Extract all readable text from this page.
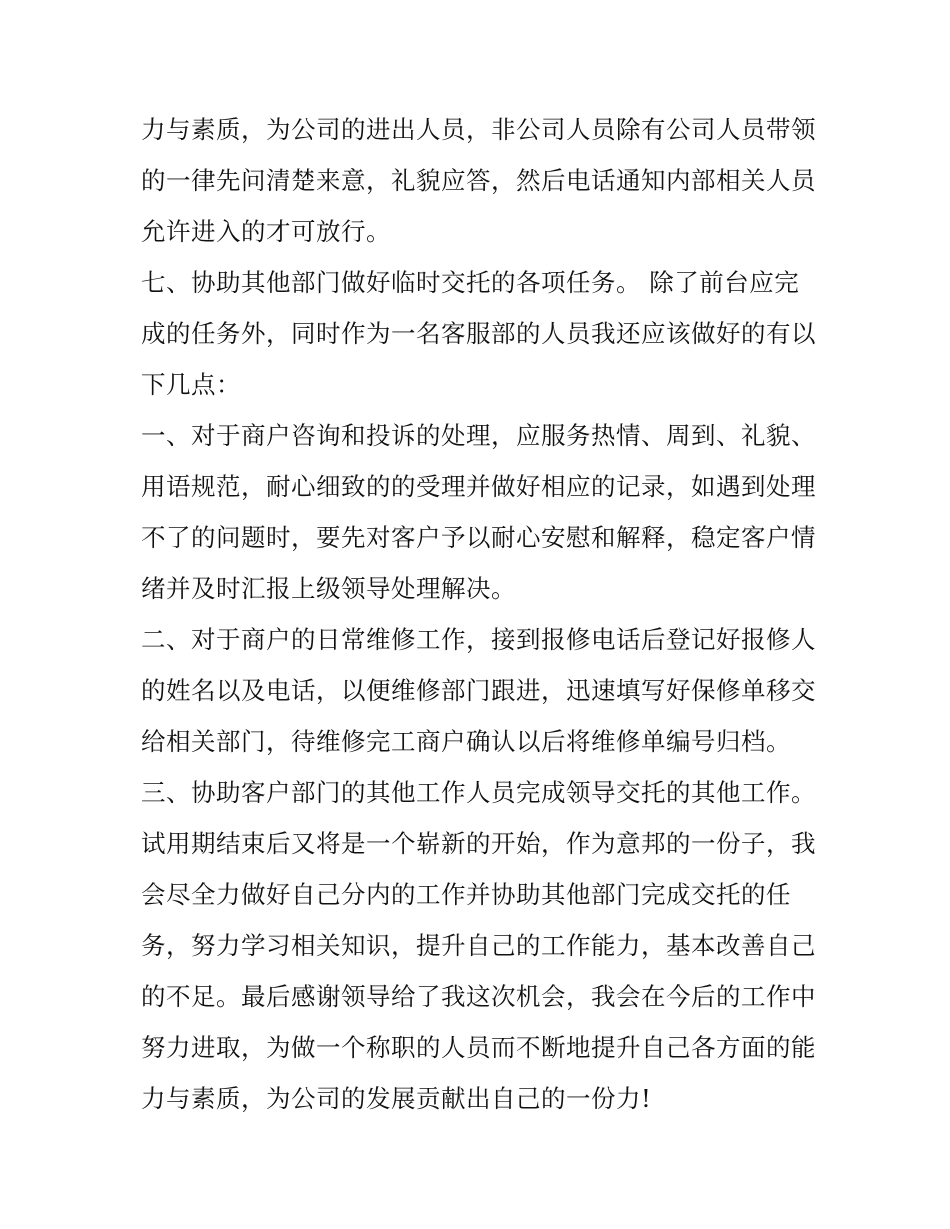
力与素质，为公司的进出人员，非公司人员除有公司人员带领
的一律先问清楚来意，礼貌应答，然后电话通知内部相关人员
允许进入的才可放行。
七、协助其他部门做好临时交托的各项任务。 除了前台应完
成的任务外，同时作为一名客服部的人员我还应该做好的有以
下几点：
一、对于商户咨询和投诉的处理，应服务热情、周到、礼貌、
用语规范，耐心细致的的受理并做好相应的记录，如遇到处理
不了的问题时，要先对客户予以耐心安慰和解释，稳定客户情
绪并及时汇报上级领导处理解决。
二、对于商户的日常维修工作，接到报修电话后登记好报修人
的姓名以及电话，以便维修部门跟进，迅速填写好保修单移交
给相关部门，待维修完工商户确认以后将维修单编号归档。
三、协助客户部门的其他工作人员完成领导交托的其他工作。
试用期结束后又将是一个崭新的开始，作为意邦的一份子，我
会尽全力做好自己分内的工作并协助其他部门完成交托的任
务，努力学习相关知识，提升自己的工作能力，基本改善自己
的不足。最后感谢领导给了我这次机会，我会在今后的工作中
努力进取，为做一个称职的人员而不断地提升自己各方面的能
力与素质，为公司的发展贡献出自己的一份力!
